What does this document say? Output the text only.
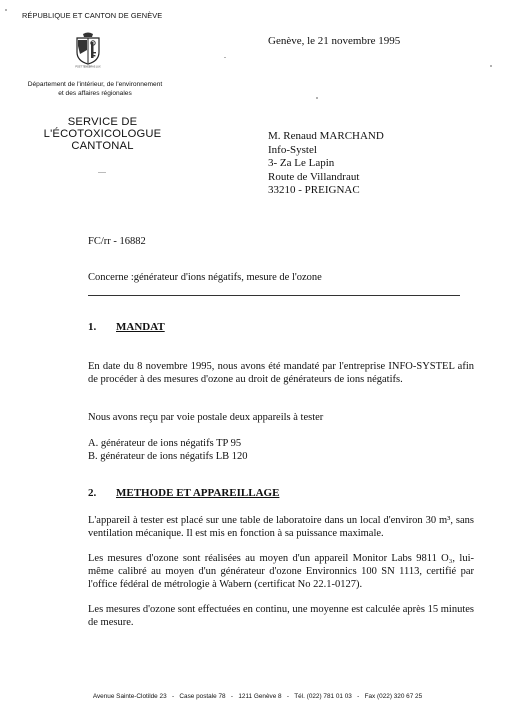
RÉPUBLIQUE ET CANTON DE GENÈVE
POST TENEBRAS LUX
Département de l'intérieur, de l'environnement
et des affaires régionales
SERVICE DE
L'ÉCOTOXICOLOGUE
CANTONAL
Genève, le 21 novembre 1995
M. Renaud MARCHAND
Info-Systel
3- Za Le Lapin
Route de Villandraut
33210 - PREIGNAC
FC/rr - 16882
Concerne :générateur d'ions négatifs, mesure de l'ozone
1. MANDAT
En date du 8 novembre 1995, nous avons été mandaté par l'entreprise INFO-SYSTEL afin de procéder à des mesures d'ozone au droit de générateurs de ions négatifs.
Nous avons reçu par voie postale deux appareils à tester
A. générateur de ions négatifs TP 95
B. générateur de ions négatifs LB 120
2. METHODE ET APPAREILLAGE
L'appareil à tester est placé sur une table de laboratoire dans un local d'environ 30 m³, sans ventilation mécanique. Il est mis en fonction à sa puissance maximale.
Les mesures d'ozone sont réalisées au moyen d'un appareil Monitor Labs 9811 O₃, lui-même calibré au moyen d'un générateur d'ozone Environnics 100 SN 1113, certifié par l'office fédéral de métrologie à Wabern (certificat No 22.1-0127).
Les mesures d'ozone sont effectuées en continu, une moyenne est calculée après 15 minutes de mesure.
Avenue Sainte-Clotilde 23   -   Case postale 78   -   1211 Genève 8   -   Tél. (022) 781 01 03   -   Fax (022) 320 67 25
